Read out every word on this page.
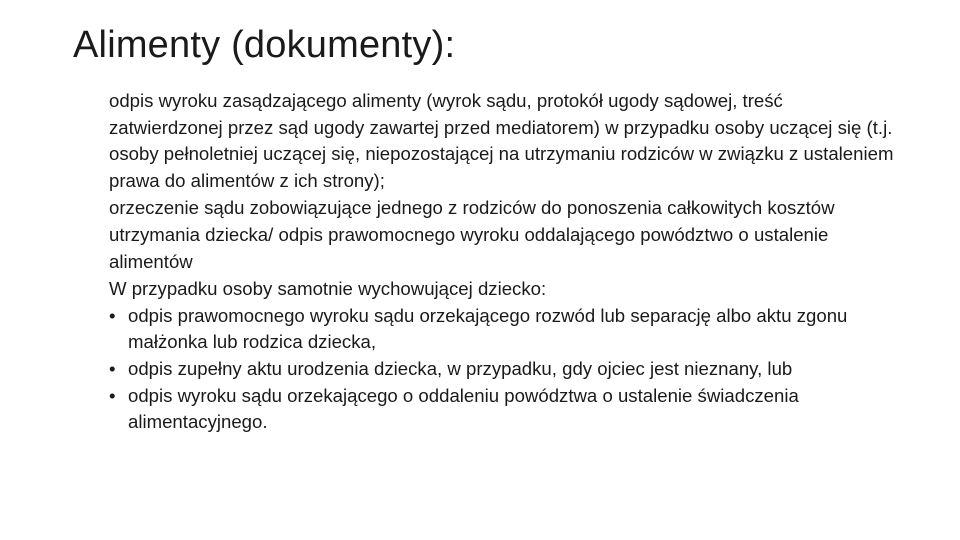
Alimenty (dokumenty):

odpis wyroku zasądzającego alimenty (wyrok sądu, protokół ugody sądowej, treść zatwierdzonej przez sąd ugody zawartej przed mediatorem) w przypadku osoby uczącej się (t.j. osoby pełnoletniej uczącej się, niepozostającej na utrzymaniu rodziców w związku z ustaleniem prawa do alimentów z ich strony);

orzeczenie sądu zobowiązujące jednego z rodziców do ponoszenia całkowitych kosztów utrzymania dziecka/ odpis prawomocnego wyroku oddalającego powództwo o ustalenie alimentów

W przypadku osoby samotnie wychowującej dziecko:

• odpis prawomocnego wyroku sądu orzekającego rozwód lub separację albo aktu zgonu małżonka lub rodzica dziecka,
• odpis zupełny aktu urodzenia dziecka, w przypadku, gdy ojciec jest nieznany, lub
• odpis wyroku sądu orzekającego o oddaleniu powództwa o ustalenie świadczenia alimentacyjnego.
